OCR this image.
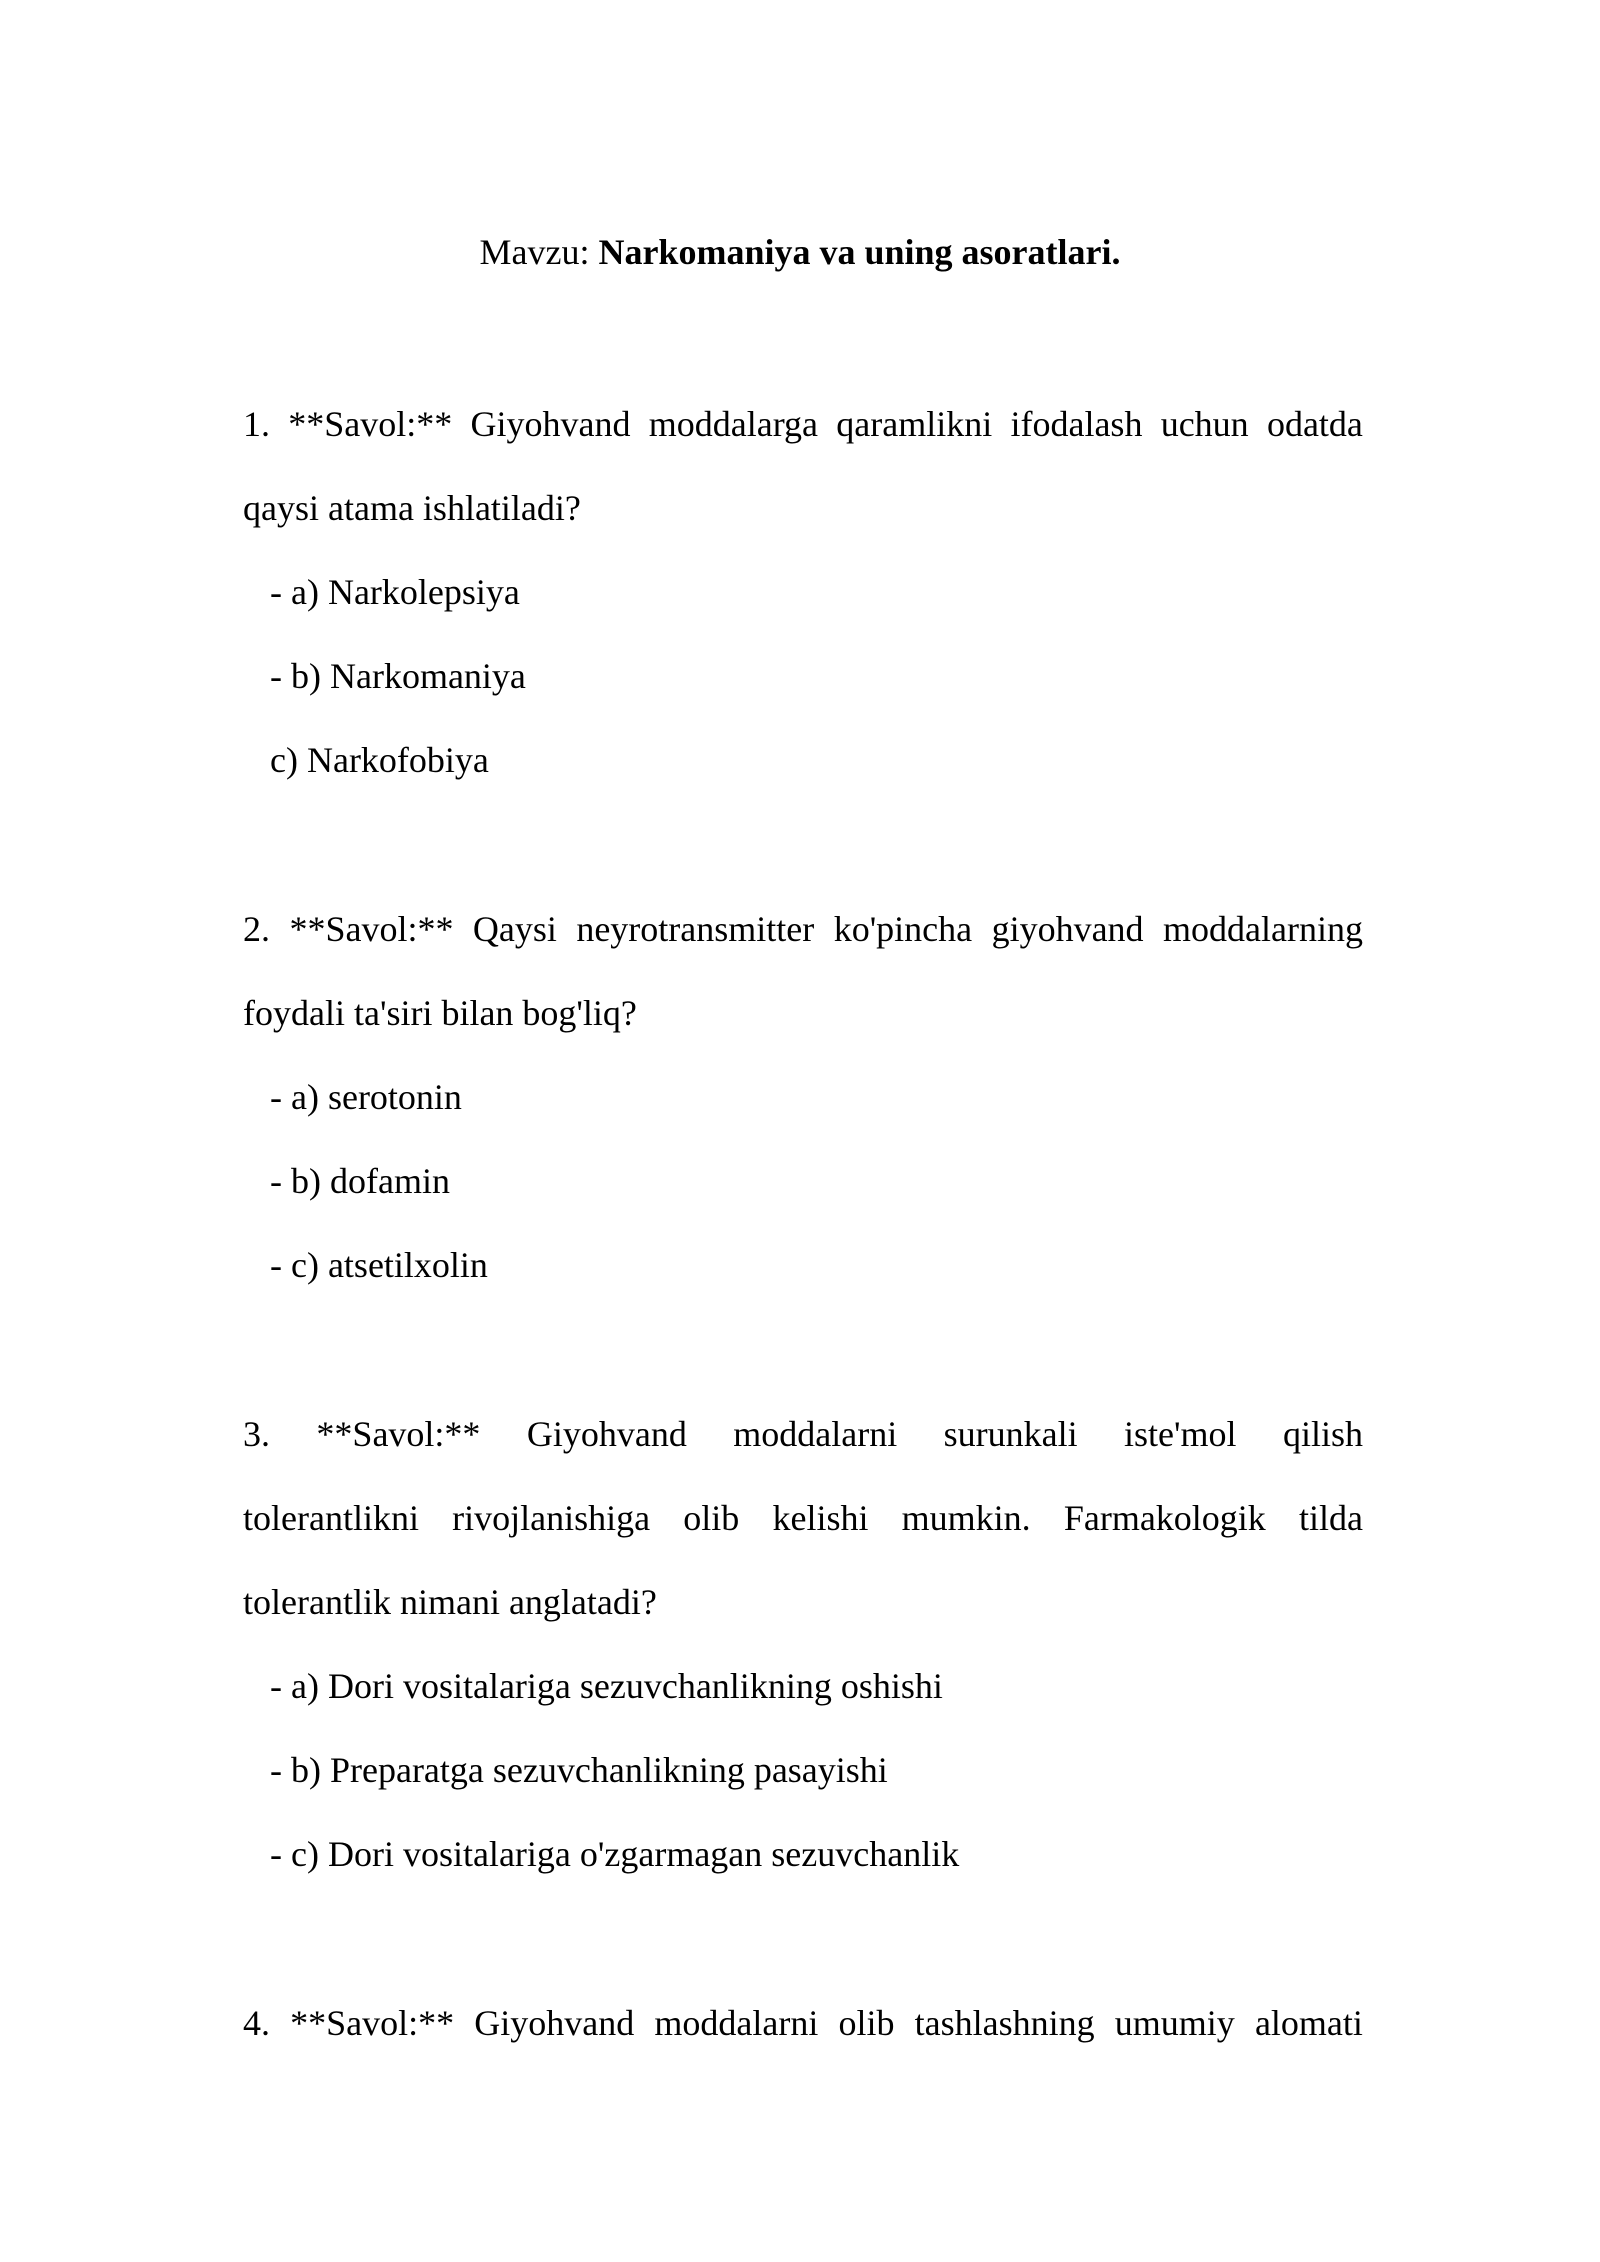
Mavzu: Narkomaniya va uning asoratlari.
1. **Savol:** Giyohvand moddalarga qaramlikni ifodalash uchun odatda
qaysi atama ishlatiladi?
- a) Narkolepsiya
- b) Narkomaniya
c) Narkofobiya
2. **Savol:** Qaysi neyrotransmitter ko'pincha giyohvand moddalarning
foydali ta'siri bilan bog'liq?
- a) serotonin
- b) dofamin
- c) atsetilxolin
3. **Savol:** Giyohvand moddalarni surunkali iste'mol qilish
tolerantlikni rivojlanishiga olib kelishi mumkin. Farmakologik tilda
tolerantlik nimani anglatadi?
- a) Dori vositalariga sezuvchanlikning oshishi
- b) Preparatga sezuvchanlikning pasayishi
- c) Dori vositalariga o'zgarmagan sezuvchanlik
4. **Savol:** Giyohvand moddalarni olib tashlashning umumiy alomati
